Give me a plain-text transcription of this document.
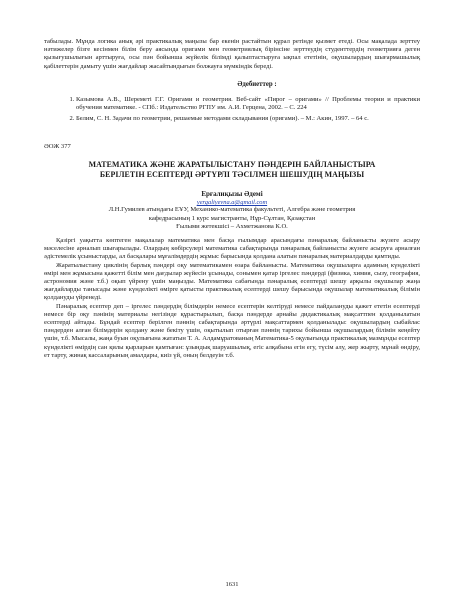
табылады. Мұнда логика анық әрі практикалық маңызы бар екенін растайтын құрал ретінде қызмет етеді. Осы мақалада зерттеу нәтижелер бізге кесінмен білім беру аясында оригами мен геометриялық бірінсіне зерттеудің студенттердің геометрияға деген қызығушылығын арттыруға, осы пән бойынша жүйелік білімді қалыптастыруға ықпал ететінін, оқушылардың шығармашылық қабілеттерін дамыту үшін жағдайлар жасайтындығын болжауға мүмкіндік береді.

Әдебиеттер :

1. Казымова А.В., Шереметі Г.Г. Оригами и геометрия. Веб-сайт «Пирог – оригами» // Проблемы теории и практики обучения математике. - СПб.: Издательство РГПУ им. А.И. Герцена, 2002. – С. 224
2. Белим, С. Н. Задачи по геометрии, решаемые методами складывания (оригами). – М.: Акин, 1997. – 64 с.

ӘОЖ 377

МАТЕМАТИКА ЖӘНЕ ЖАРАТЫЛЫСТАНУ ПӘНДЕРІН БАЙЛАНЫСТЫРА

БЕРІЛЕТІН ЕСЕПТЕРДІ ӘРТҮРЛІ ТӘСІЛМЕН ШЕШУДІҢ МАҢЫЗЫ

Ерғалиқызы Әдемі

yergaliyevna.a@gmail.com

Л.Н.Гумилев атындағы ЕҰУ, Механико-математика факультеті, Алгебра және геометрия

кафедрасының 1 курс магистранты, Нұр-Сұлтан, Қазақстан

Ғылыми жетекшісі – Ахметжанова К.О.

Қазіргі уақытта көптеген мақалалар математика мен басқа ғылымдар арасындағы пәнаралық байланысты жүзеге асыру мәселесіне арналып шығарылады. Олардың көбірсулері математика сабақтарында пәнаралық байланысты жүзеге асыруға арналған әдістемелік ұсыныстарды, ал басқалары мұғалімдердің жұмыс барысында қолдана алатын пәнаралық материалдарды қамтиды.

Жаратылыстану циклінің барлық пәндері оқу математикамен өзара байланысты. Математика оқушыларға адамның күнделікті өмірі мен жұмысына қажетті білім мен дағдылар жүйесін ұсынады, сонымен қатар іргелес пәндерді (физика, химия, сызу, география, астрономия және т.б.) оқып үйрену үшін маңызды. Математика сабағында пәнаралық есептерді шешу арқылы оқушылар жаңа жағдайларды танысады және күнделікті өмірге қатысты практикалық есептерді шешу барысында оқушылар математикалық білімін қолдануды үйренеді.

Пәнаралық есептер деп – іргелес пәндердің білімдерін немесе есептерін келтіруді немесе пайдалануды қажет ететін есептерді немесе бір оқу пәнінің материалы негізінде құрастырылып, басқа пәндерде арнайы дидактикалық мақсаттпен қолданылатын есептерді айтады. Бұндай есептер берілген пәннің сабақтарында әртүрлі мақсаттармен қолданылады: оқушылардың сыбайлас пәндерден алған білімдерін қолдану және бекіту үшін, оқытылып отырған пәннің тарихы бойынша оқушылардың білімін кеңейту үшін, т.б. Мысалы, жаңа буын оқулығына жататын Т. А. Алдамұратованың Математика-5 оқулығында практикалық мазмұнды есептер күнделікті өмірдің сан қилы қырларын қамтыған: ұзындық шаруашылық, егіс алқабына егін егу, түсім алу, жер жырту, мұнай өндіру, ет тарту, жинақ кассаларының амалдары, киіз үй, оның белдеуін т.б.

1631
